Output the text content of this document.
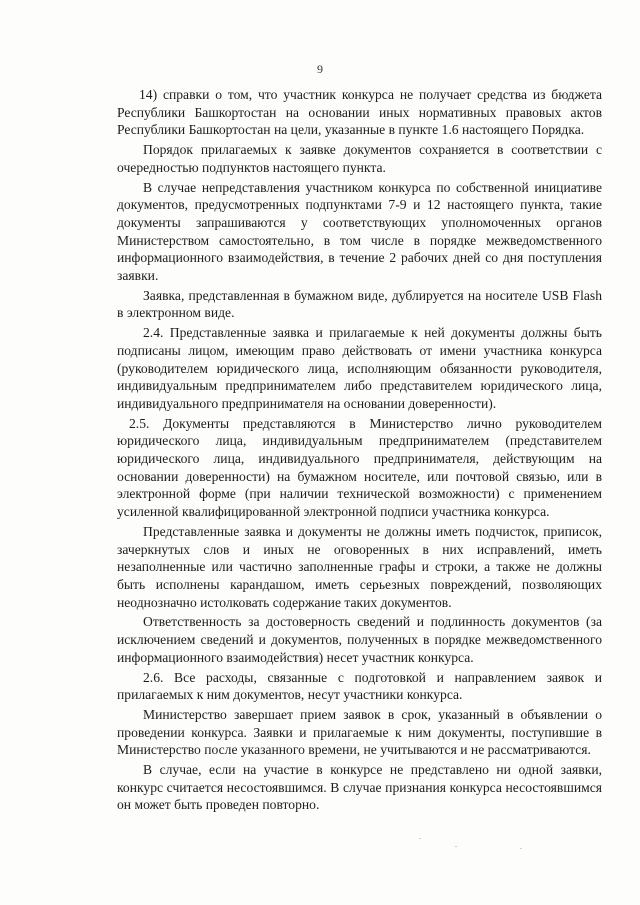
9

14) справки о том, что участник конкурса не получает средства из бюджета Республики Башкортостан на основании иных нормативных правовых актов Республики Башкортостан на цели, указанные в пункте 1.6 настоящего Порядка.

Порядок прилагаемых к заявке документов сохраняется в соответствии с очередностью подпунктов настоящего пункта.

В случае непредставления участником конкурса по собственной инициативе документов, предусмотренных подпунктами 7-9 и 12 настоящего пункта, такие документы запрашиваются у соответствующих уполномоченных органов Министерством самостоятельно, в том числе в порядке межведомственного информационного взаимодействия, в течение 2 рабочих дней со дня поступления заявки.

Заявка, представленная в бумажном виде, дублируется на носителе USB Flash в электронном виде.

2.4. Представленные заявка и прилагаемые к ней документы должны быть подписаны лицом, имеющим право действовать от имени участника конкурса (руководителем юридического лица, исполняющим обязанности руководителя, индивидуальным предпринимателем либо представителем юридического лица, индивидуального предпринимателя на основании доверенности).

2.5. Документы представляются в Министерство лично руководителем юридического лица, индивидуальным предпринимателем (представителем юридического лица, индивидуального предпринимателя, действующим на основании доверенности) на бумажном носителе, или почтовой связью, или в электронной форме (при наличии технической возможности) с применением усиленной квалифицированной электронной подписи участника конкурса.

Представленные заявка и документы не должны иметь подчисток, приписок, зачеркнутых слов и иных не оговоренных в них исправлений, иметь незаполненные или частично заполненные графы и строки, а также не должны быть исполнены карандашом, иметь серьезных повреждений, позволяющих неоднозначно истолковать содержание таких документов.

Ответственность за достоверность сведений и подлинность документов (за исключением сведений и документов, полученных в порядке межведомственного информационного взаимодействия) несет участник конкурса.

2.6. Все расходы, связанные с подготовкой и направлением заявок и прилагаемых к ним документов, несут участники конкурса.

Министерство завершает прием заявок в срок, указанный в объявлении о проведении конкурса. Заявки и прилагаемые к ним документы, поступившие в Министерство после указанного времени, не учитываются и не рассматриваются.

В случае, если на участие в конкурсе не представлено ни одной заявки, конкурс считается несостоявшимся. В случае признания конкурса несостоявшимся он может быть проведен повторно.
